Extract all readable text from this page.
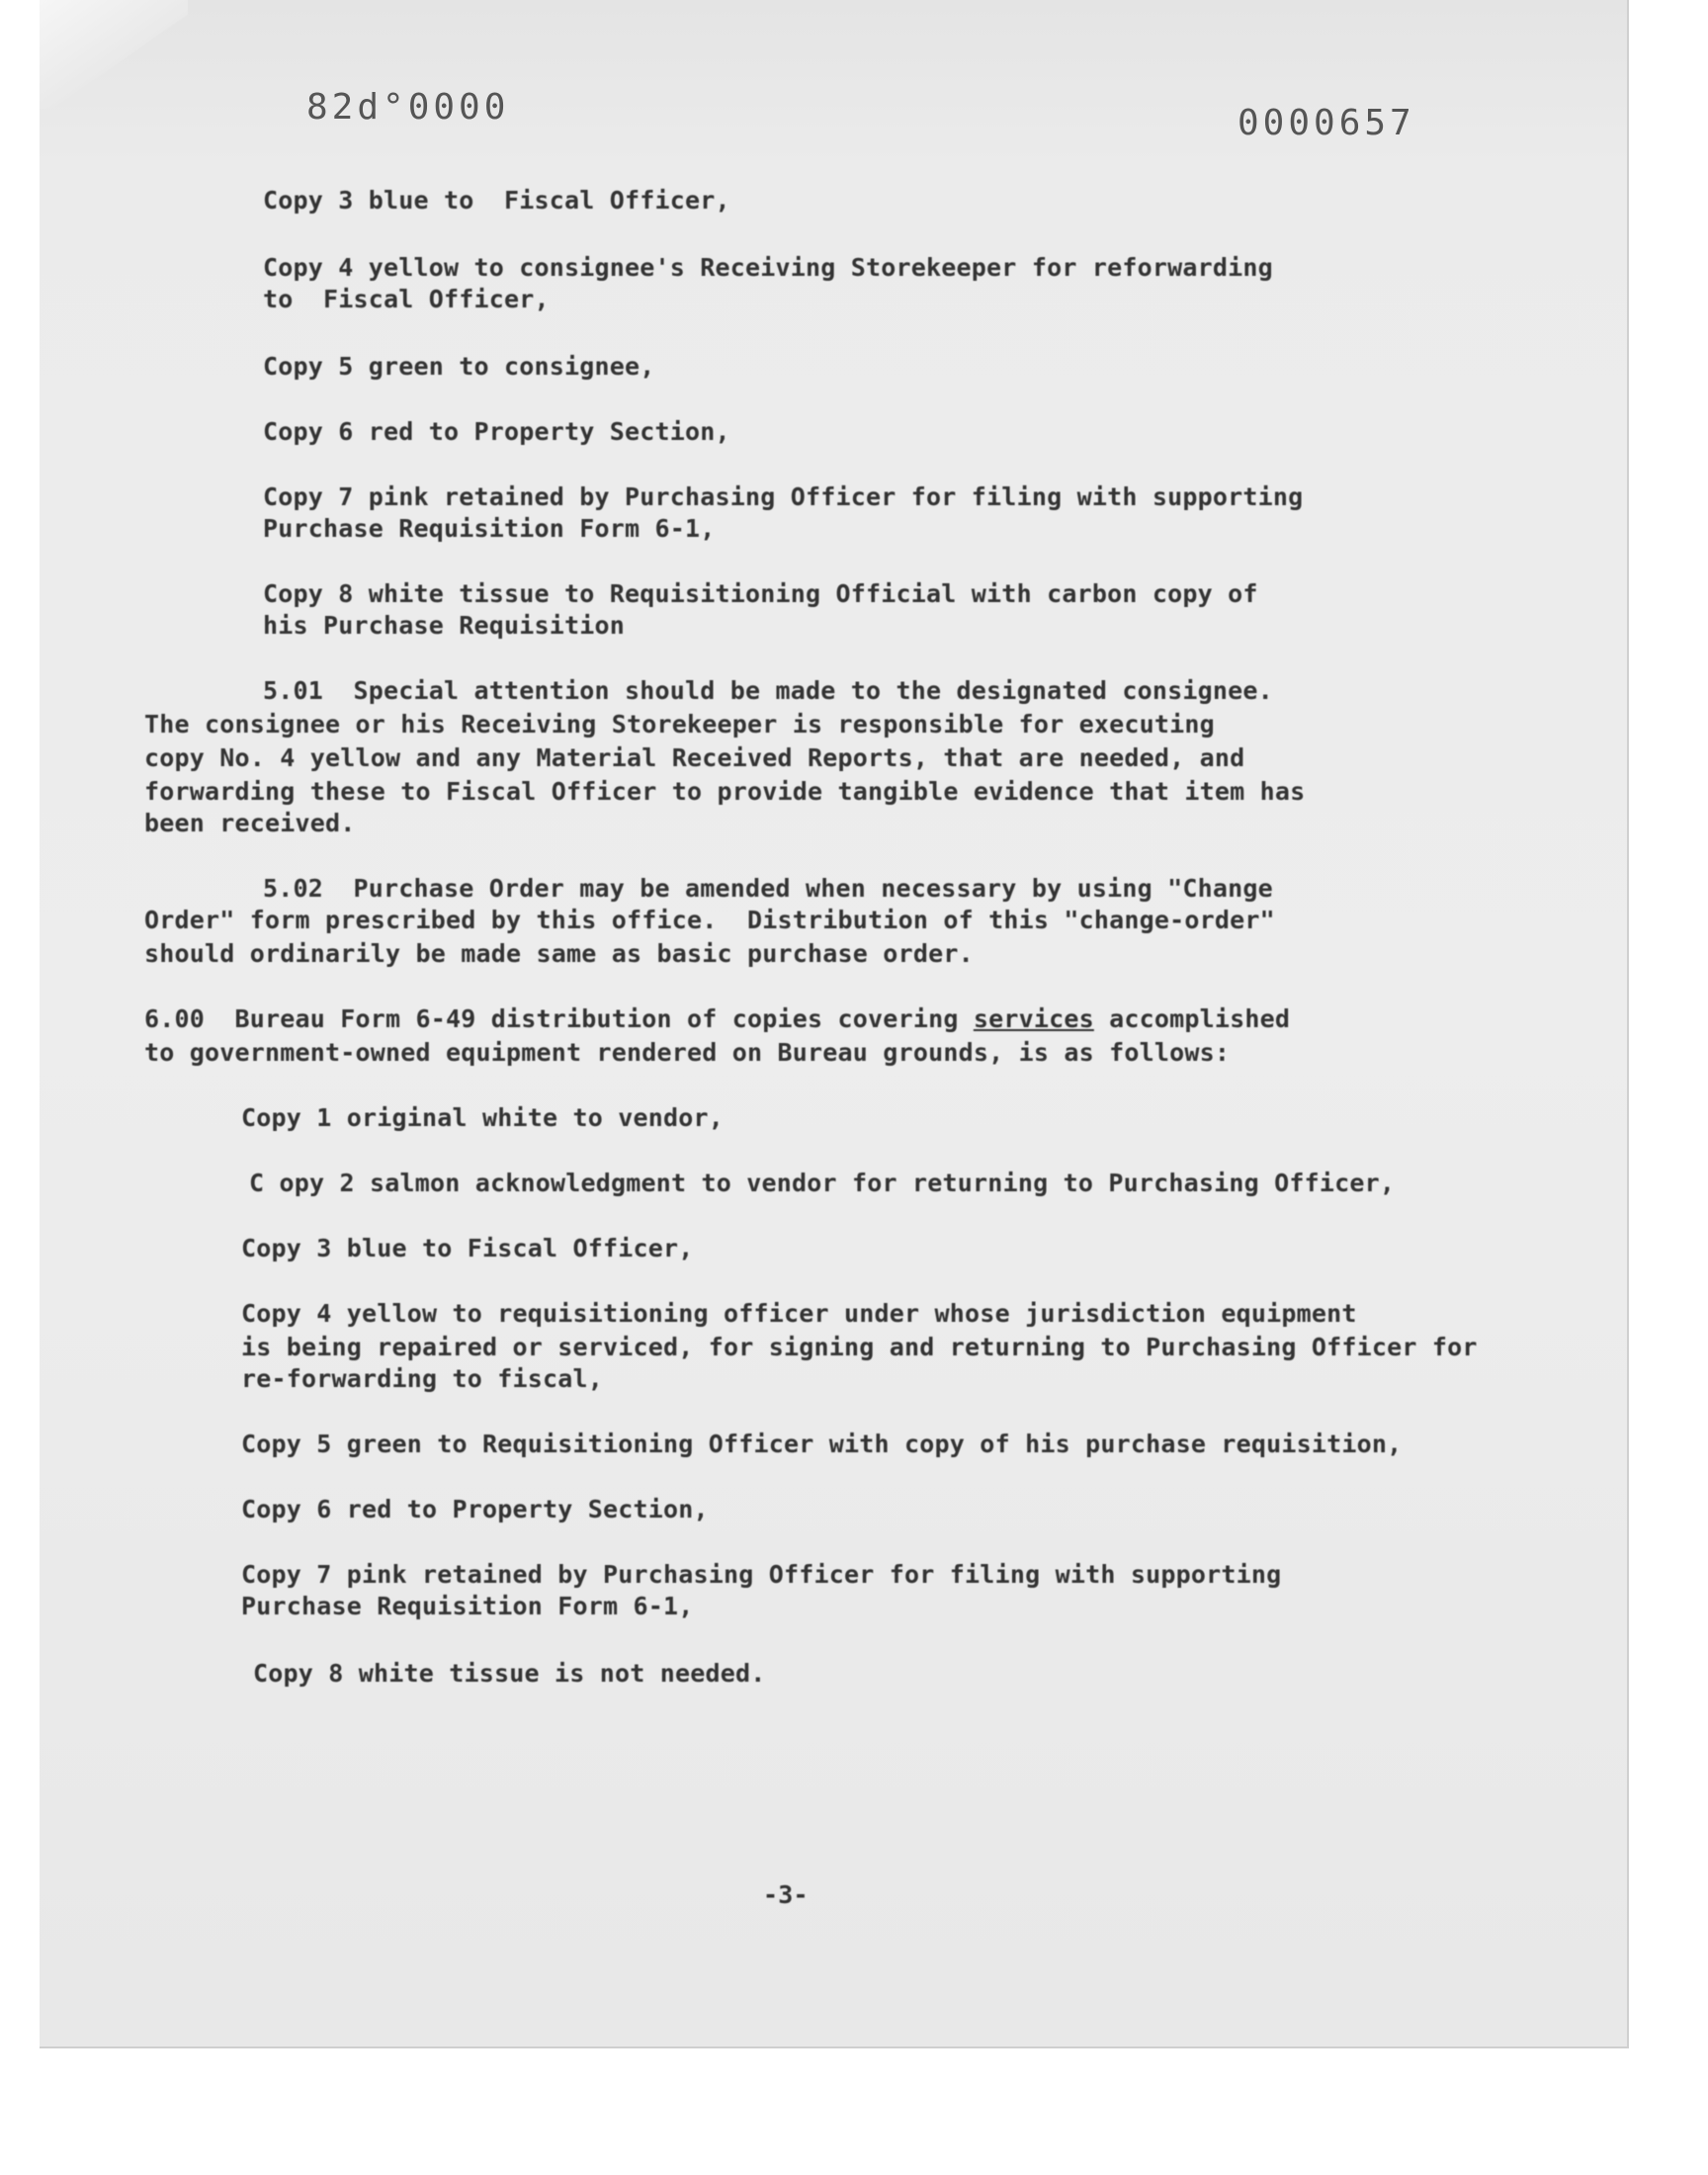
82d°0000	0000657
Copy 3 blue to  Fiscal Officer,
Copy 4 yellow to consignee's Receiving Storekeeper for reforwarding
to  Fiscal Officer,
Copy 5 green to consignee,
Copy 6 red to Property Section,
Copy 7 pink retained by Purchasing Officer for filing with supporting
Purchase Requisition Form 6-1,
Copy 8 white tissue to Requisitioning Official with carbon copy of
his Purchase Requisition
5.01  Special attention should be made to the designated consignee.
The consignee or his Receiving Storekeeper is responsible for executing
copy No. 4 yellow and any Material Received Reports, that are needed, and
forwarding these to Fiscal Officer to provide tangible evidence that item has
been received.
5.02  Purchase Order may be amended when necessary by using "Change
Order" form prescribed by this office.  Distribution of this "change-order"
should ordinarily be made same as basic purchase order.
6.00  Bureau Form 6-49 distribution of copies covering services accomplished
to government-owned equipment rendered on Bureau grounds, is as follows:
Copy 1 original white to vendor,
C opy 2 salmon acknowledgment to vendor for returning to Purchasing Officer,
Copy 3 blue to Fiscal Officer,
Copy 4 yellow to requisitioning officer under whose jurisdiction equipment
is being repaired or serviced, for signing and returning to Purchasing Officer for
re-forwarding to fiscal,
Copy 5 green to Requisitioning Officer with copy of his purchase requisition,
Copy 6 red to Property Section,
Copy 7 pink retained by Purchasing Officer for filing with supporting
Purchase Requisition Form 6-1,
Copy 8 white tissue is not needed.
-3-
